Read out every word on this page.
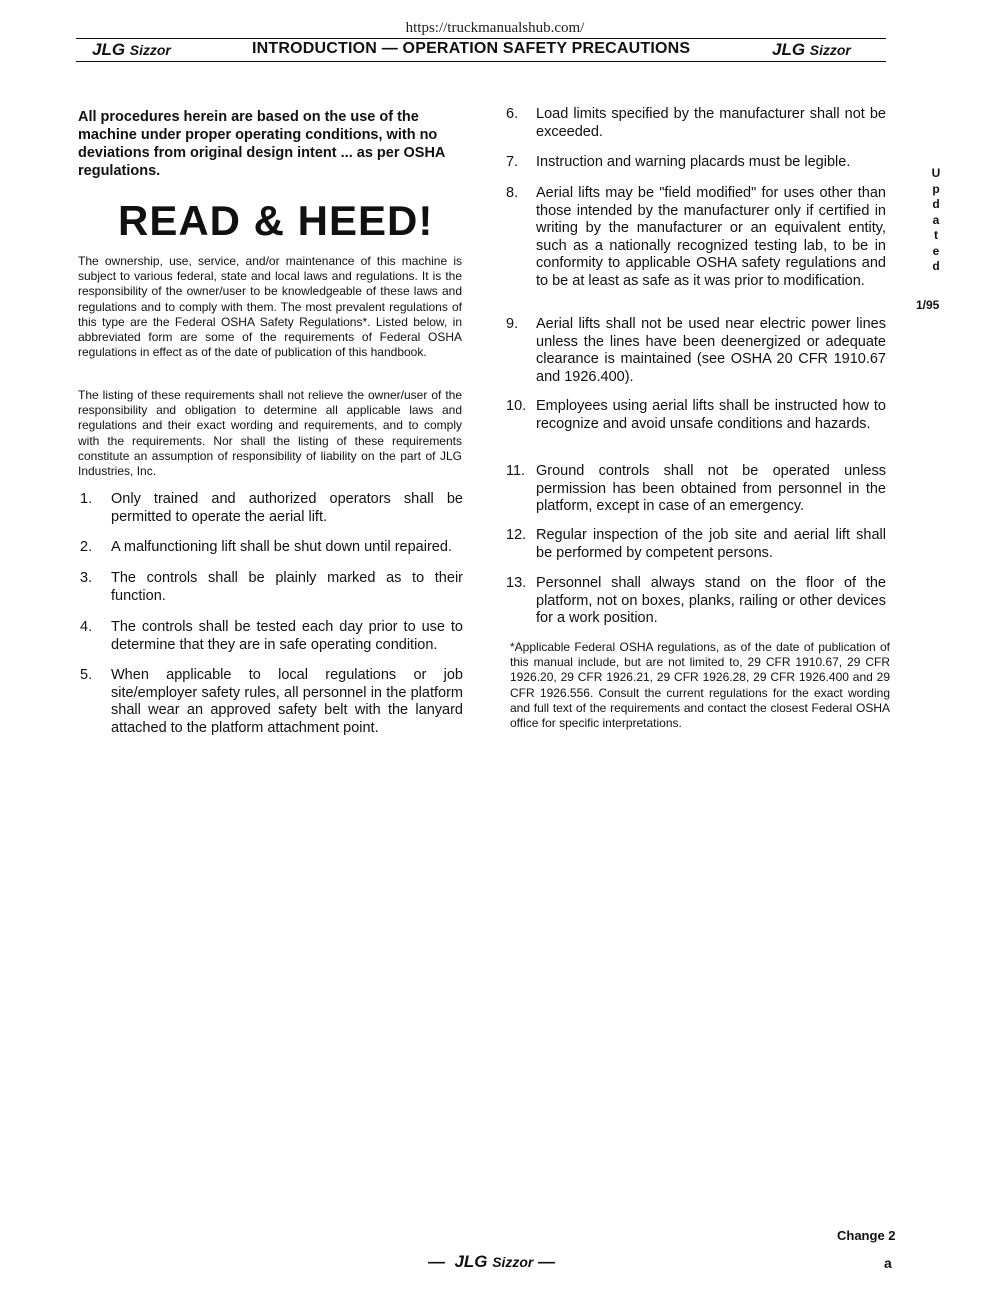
https://truckmanualshub.com/
JLG Sizzor	INTRODUCTION — OPERATION SAFETY PRECAUTIONS	JLG Sizzor
All procedures herein are based on the use of the machine under proper operating conditions, with no deviations from original design intent ... as per OSHA regulations.
READ & HEED!
The ownership, use, service, and/or maintenance of this machine is subject to various federal, state and local laws and regulations. It is the responsibility of the owner/user to be knowledgeable of these laws and regulations and to comply with them. The most prevalent regulations of this type are the Federal OSHA Safety Regulations*. Listed below, in abbreviated form are some of the requirements of Federal OSHA regulations in effect as of the date of publication of this handbook.
The listing of these requirements shall not relieve the owner/user of the responsibility and obligation to determine all applicable laws and regulations and their exact wording and requirements, and to comply with the requirements. Nor shall the listing of these requirements constitute an assumption of responsibility of liability on the part of JLG Industries, Inc.
1. Only trained and authorized operators shall be permitted to operate the aerial lift.
2. A malfunctioning lift shall be shut down until repaired.
3. The controls shall be plainly marked as to their function.
4. The controls shall be tested each day prior to use to determine that they are in safe operating condition.
5. When applicable to local regulations or job site/employer safety rules, all personnel in the platform shall wear an approved safety belt with the lanyard attached to the platform attachment point.
6. Load limits specified by the manufacturer shall not be exceeded.
7. Instruction and warning placards must be legible.
8. Aerial lifts may be "field modified" for uses other than those intended by the manufacturer only if certified in writing by the manufacturer or an equivalent entity, such as a nationally recognized testing lab, to be in conformity to applicable OSHA safety regulations and to be at least as safe as it was prior to modification.
9. Aerial lifts shall not be used near electric power lines unless the lines have been deenergized or adequate clearance is maintained (see OSHA 20 CFR 1910.67 and 1926.400).
10. Employees using aerial lifts shall be instructed how to recognize and avoid unsafe conditions and hazards.
11. Ground controls shall not be operated unless permission has been obtained from personnel in the platform, except in case of an emergency.
12. Regular inspection of the job site and aerial lift shall be performed by competent persons.
13. Personnel shall always stand on the floor of the platform, not on boxes, planks, railing or other devices for a work position.
*Applicable Federal OSHA regulations, as of the date of publication of this manual include, but are not limited to, 29 CFR 1910.67, 29 CFR 1926.20, 29 CFR 1926.21, 29 CFR 1926.28, 29 CFR 1926.400 and 29 CFR 1926.556. Consult the current regulations for the exact wording and full text of the requirements and contact the closest Federal OSHA office for specific interpretations.
U
p
d
a
t
e
d
1/95
Change 2
— JLG Sizzor —	a
